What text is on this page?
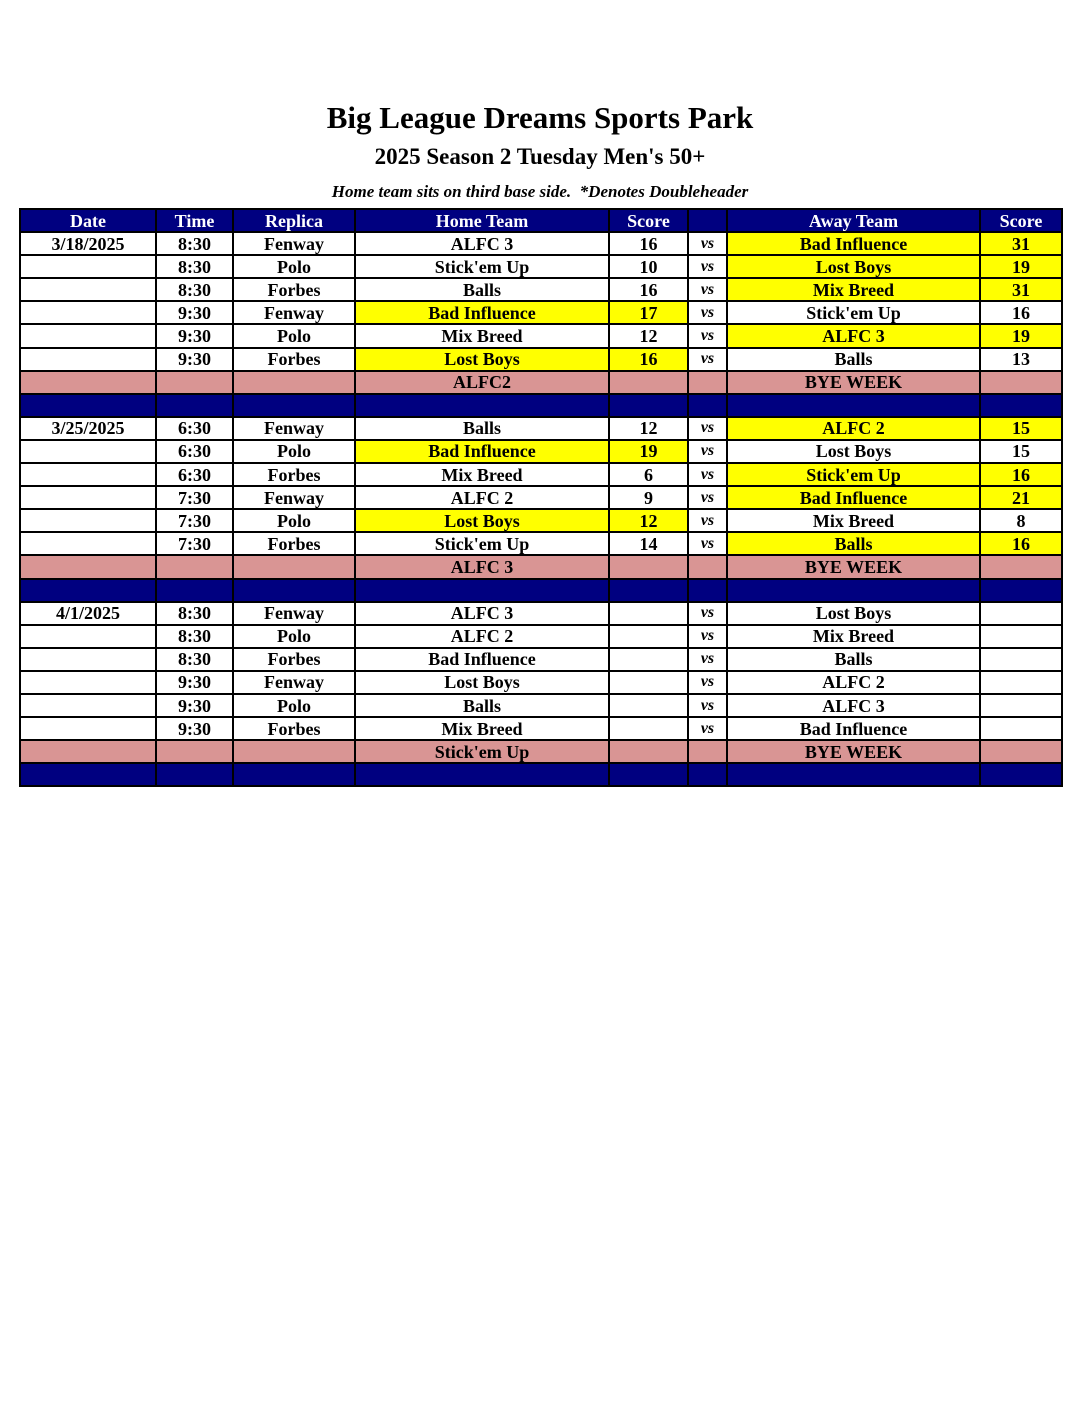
Big League Dreams Sports Park
2025 Season 2 Tuesday Men's 50+
Home team sits on third base side.  *Denotes Doubleheader
Date	Time	Replica	Home Team	Score		Away Team	Score
3/18/2025	8:30	Fenway	ALFC 3	16	vs	Bad Influence	31
	8:30	Polo	Stick'em Up	10	vs	Lost Boys	19
	8:30	Forbes	Balls	16	vs	Mix Breed	31
	9:30	Fenway	Bad Influence	17	vs	Stick'em Up	16
	9:30	Polo	Mix Breed	12	vs	ALFC 3	19
	9:30	Forbes	Lost Boys	16	vs	Balls	13
			ALFC2			BYE WEEK	

3/25/2025	6:30	Fenway	Balls	12	vs	ALFC 2	15
	6:30	Polo	Bad Influence	19	vs	Lost Boys	15
	6:30	Forbes	Mix Breed	6	vs	Stick'em Up	16
	7:30	Fenway	ALFC 2	9	vs	Bad Influence	21
	7:30	Polo	Lost Boys	12	vs	Mix Breed	8
	7:30	Forbes	Stick'em Up	14	vs	Balls	16
			ALFC 3			BYE WEEK	

4/1/2025	8:30	Fenway	ALFC 3		vs	Lost Boys	
	8:30	Polo	ALFC 2		vs	Mix Breed	
	8:30	Forbes	Bad Influence		vs	Balls	
	9:30	Fenway	Lost Boys		vs	ALFC 2	
	9:30	Polo	Balls		vs	ALFC 3	
	9:30	Forbes	Mix Breed		vs	Bad Influence	
			Stick'em Up			BYE WEEK	
